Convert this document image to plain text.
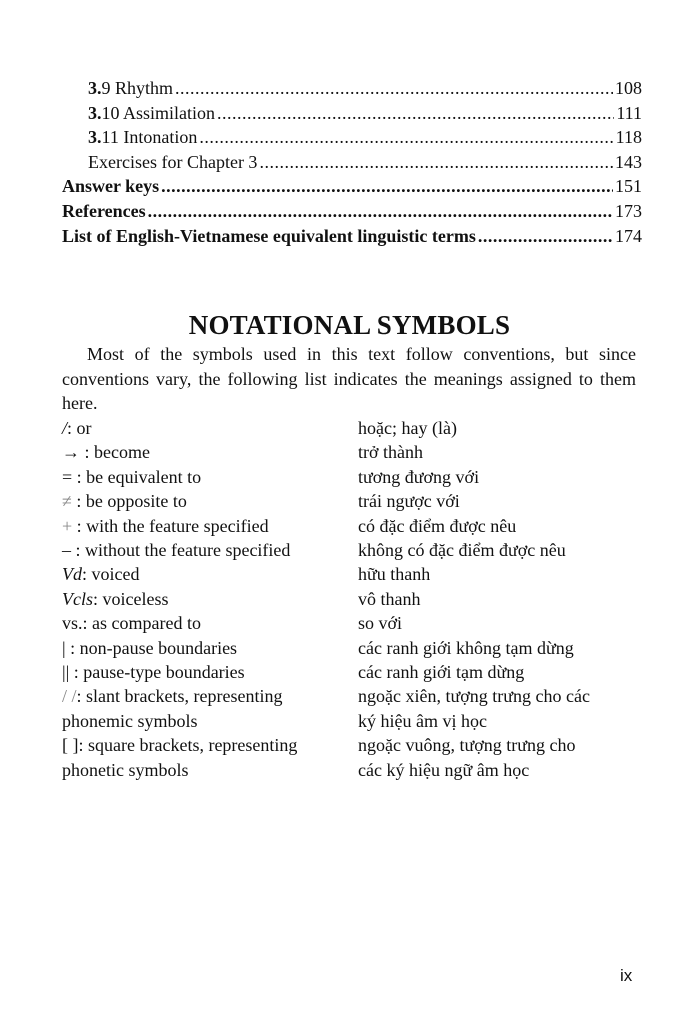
3.9 Rhythm .....	108
3.10 Assimilation .....	111
3.11 Intonation .....	118
Exercises for Chapter 3 .....	143
Answer keys .....	151
References .....	173
List of English-Vietnamese equivalent linguistic terms .....	174
NOTATIONAL SYMBOLS

Most of the symbols used in this text follow conventions, but since conventions vary, the following list indicates the meanings assigned to them here.

/: or	hoặc; hay (là)
→ : become	trở thành
= : be equivalent to	tương đương với
≠ : be opposite to	trái ngược với
+ : with the feature specified	có đặc điểm được nêu
– : without the feature specified	không có đặc điểm được nêu
Vd: voiced	hữu thanh
Vcls: voiceless	vô thanh
vs.: as compared to	so với
| : non-pause boundaries	các ranh giới không tạm dừng
|| : pause-type boundaries	các ranh giới tạm dừng
/ /: slant brackets, representing	ngoặc xiên, tượng trưng cho các
phonemic symbols	ký hiệu âm vị học
[ ]: square brackets, representing	ngoặc vuông, tượng trưng cho
phonetic symbols	các ký hiệu ngữ âm học
ix
